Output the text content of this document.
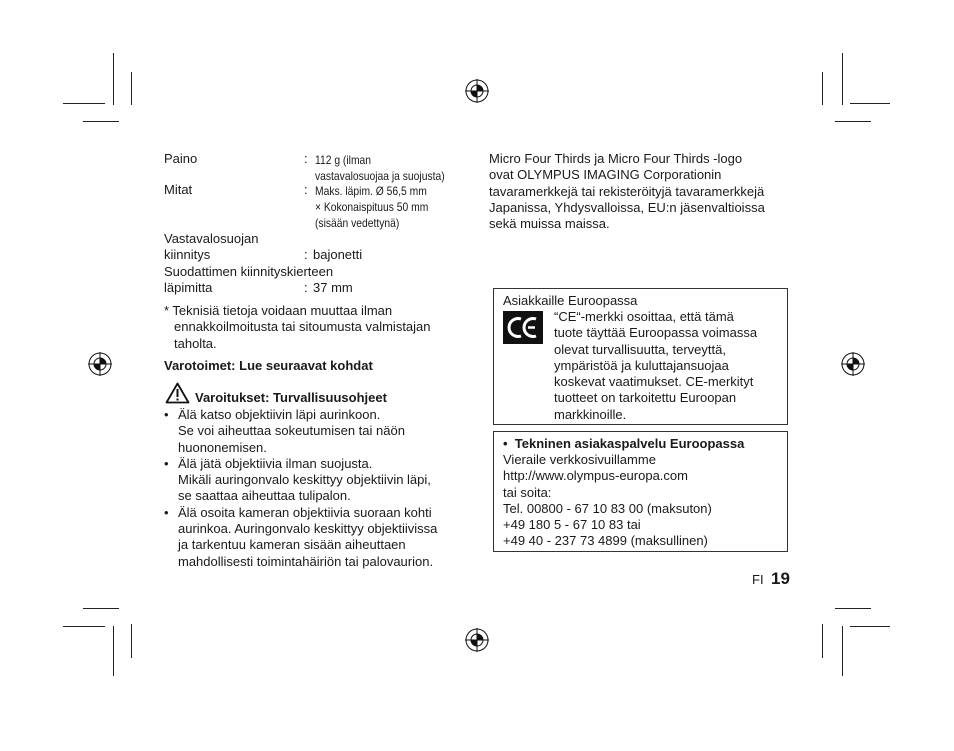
Paino	: 112 g (ilman
vastavalosuojaa ja suojusta)
Mitat	: Maks. läpim. Ø 56,5 mm
× Kokonaispituus 50 mm
(sisään vedettynä)
Vastavalosuojan
kiinnitys	: bajonetti
Suodattimen kiinnityskierteen
läpimitta	: 37 mm
* Teknisiä tietoja voidaan muuttaa ilman
ennakkoilmoitusta tai sitoumusta valmistajan
taholta.
Varotoimet: Lue seuraavat kohdat
Varoitukset: Turvallisuusohjeet
• Älä katso objektiivin läpi aurinkoon.
Se voi aiheuttaa sokeutumisen tai näön
huononemisen.
• Älä jätä objektiivia ilman suojusta.
Mikäli auringonvalo keskittyy objektiivin läpi,
se saattaa aiheuttaa tulipalon.
• Älä osoita kameran objektiivia suoraan kohti
aurinkoa. Auringonvalo keskittyy objektiivissa
ja tarkentuu kameran sisään aiheuttaen
mahdollisesti toimintahäiriön tai palovaurion.
Micro Four Thirds ja Micro Four Thirds -logo
ovat OLYMPUS IMAGING Corporationin
tavaramerkkejä tai rekisteröityjä tavaramerkkejä
Japanissa, Yhdysvalloissa, EU:n jäsenvaltioissa
sekä muissa maissa.
Asiakkaille Euroopassa
“CE“-merkki osoittaa, että tämä
tuote täyttää Euroopassa voimassa
olevat turvallisuutta, terveyttä,
ympäristöä ja kuluttajansuojaa
koskevat vaatimukset. CE-merkityt
tuotteet on tarkoitettu Euroopan
markkinoille.
• Tekninen asiakaspalvelu Euroopassa
Vieraile verkkosivuillamme
http://www.olympus-europa.com
tai soita:
Tel. 00800 - 67 10 83 00 (maksuton)
+49 180 5 - 67 10 83 tai
+49 40 - 237 73 4899 (maksullinen)
FI 19
